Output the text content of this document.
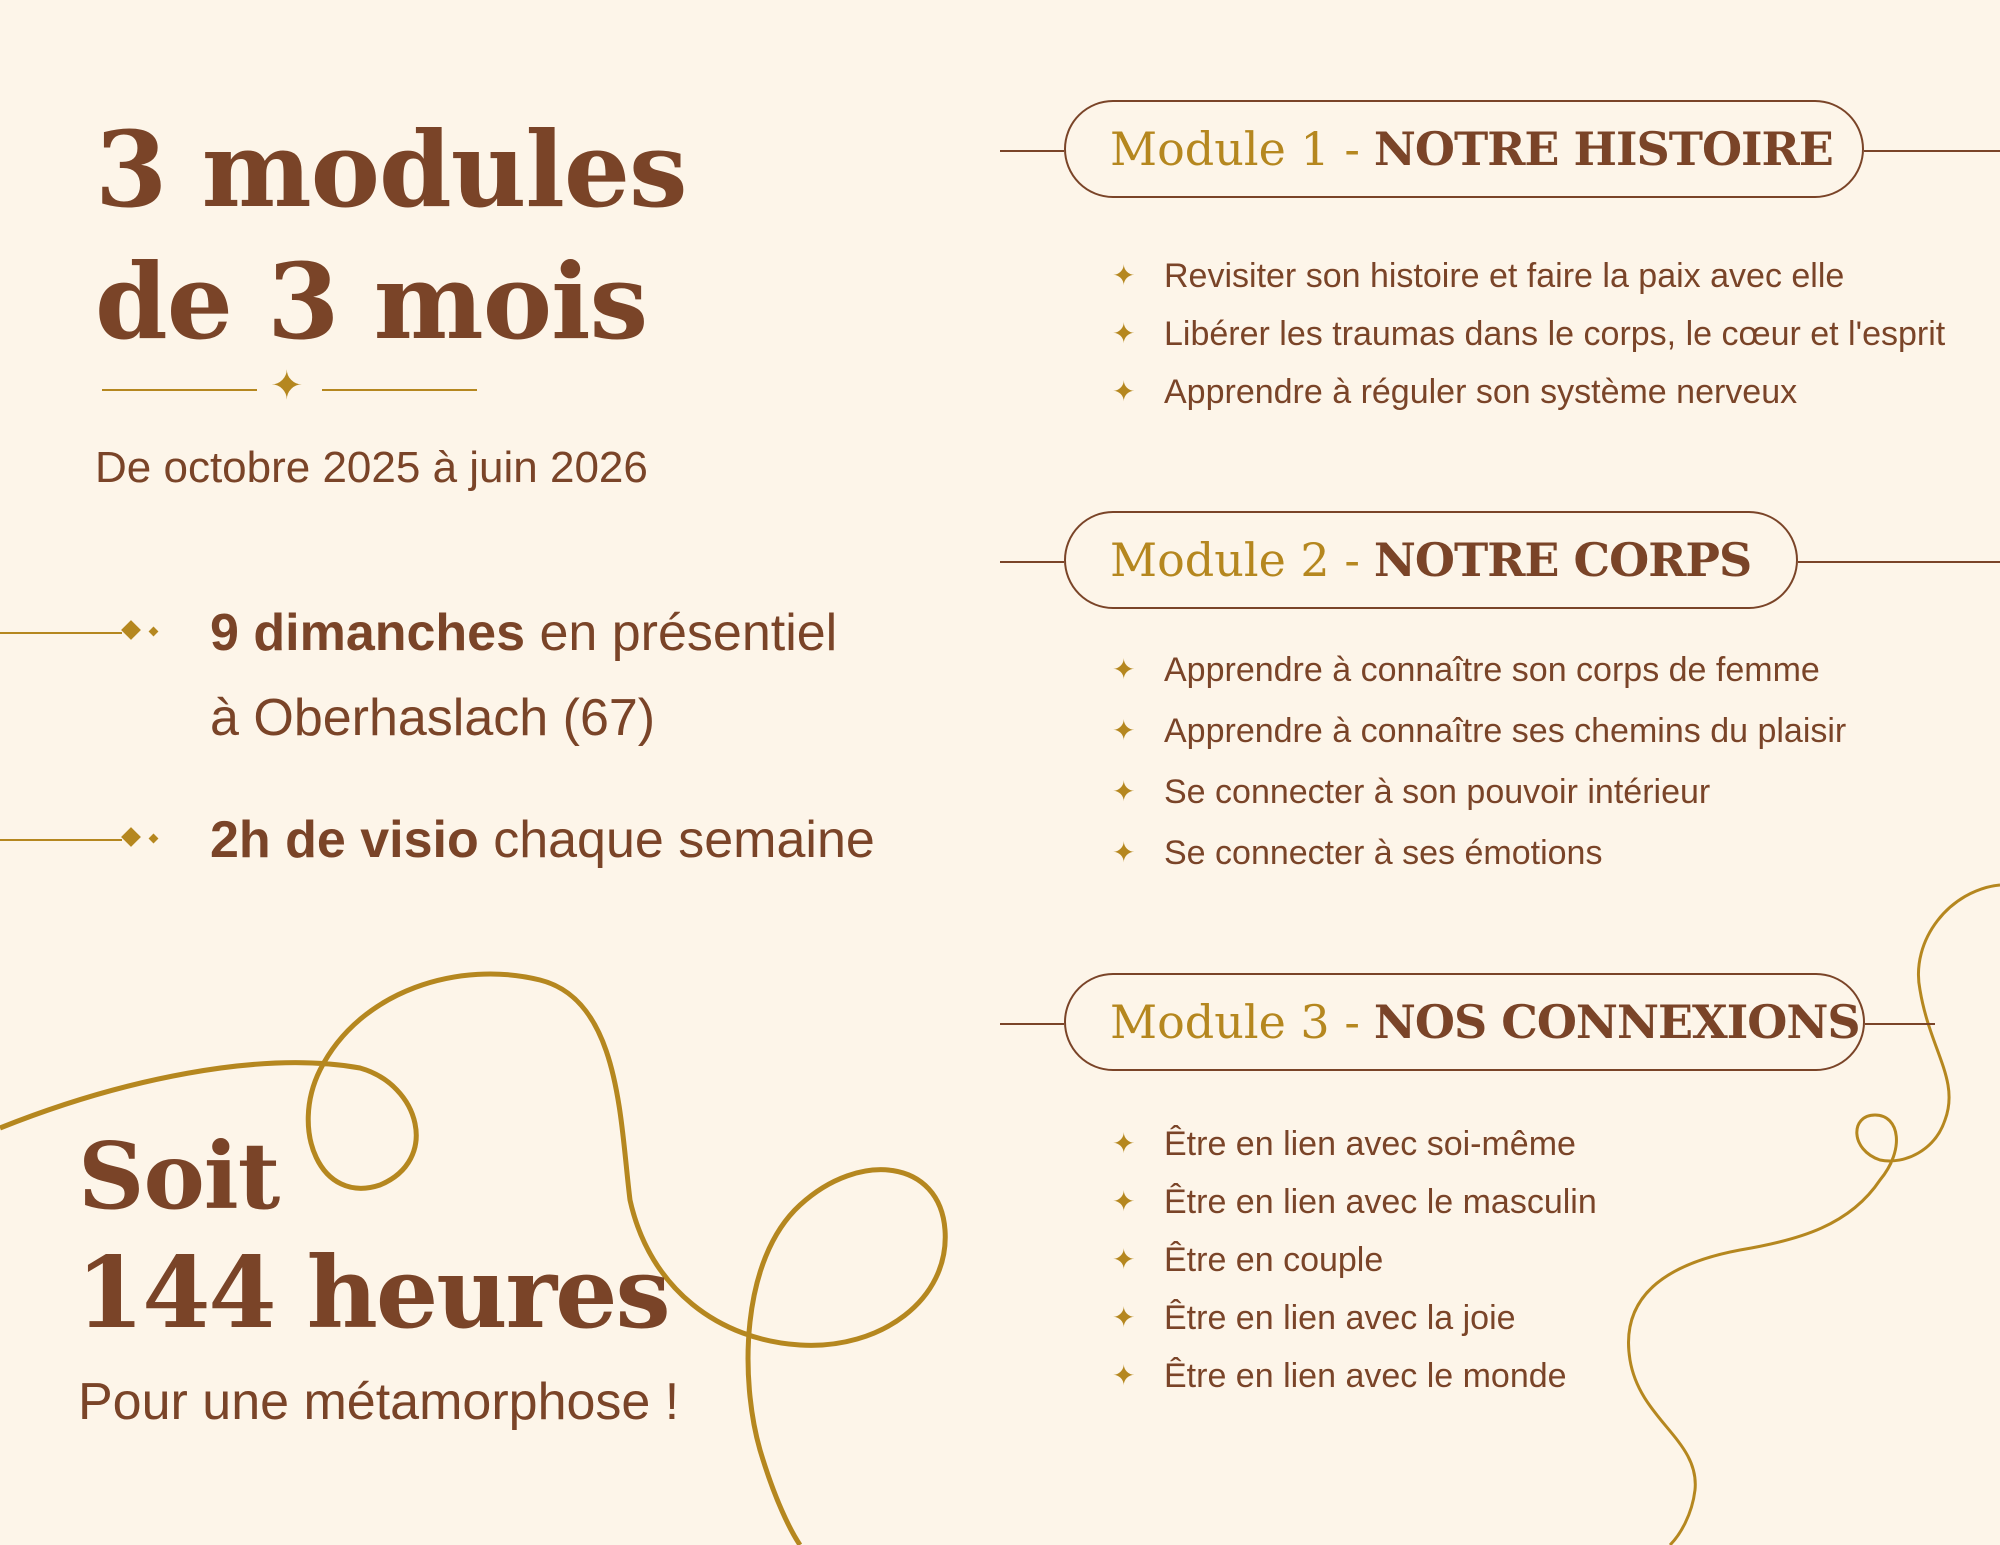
3 modules
de 3 mois
✦
De octobre 2025 à juin 2026
9 dimanches en présentiel
à Oberhaslach (67)
2h de visio chaque semaine
Soit
144 heures
Pour une métamorphose !
Module 1 - NOTRE HISTOIRE
✦ Revisiter son histoire et faire la paix avec elle
✦ Libérer les traumas dans le corps, le cœur et l'esprit
✦ Apprendre à réguler son système nerveux
Module 2 - NOTRE CORPS
✦ Apprendre à connaître son corps de femme
✦ Apprendre à connaître ses chemins du plaisir
✦ Se connecter à son pouvoir intérieur
✦ Se connecter à ses émotions
Module 3 - NOS CONNEXIONS
✦ Être en lien avec soi-même
✦ Être en lien avec le masculin
✦ Être en couple
✦ Être en lien avec la joie
✦ Être en lien avec le monde
